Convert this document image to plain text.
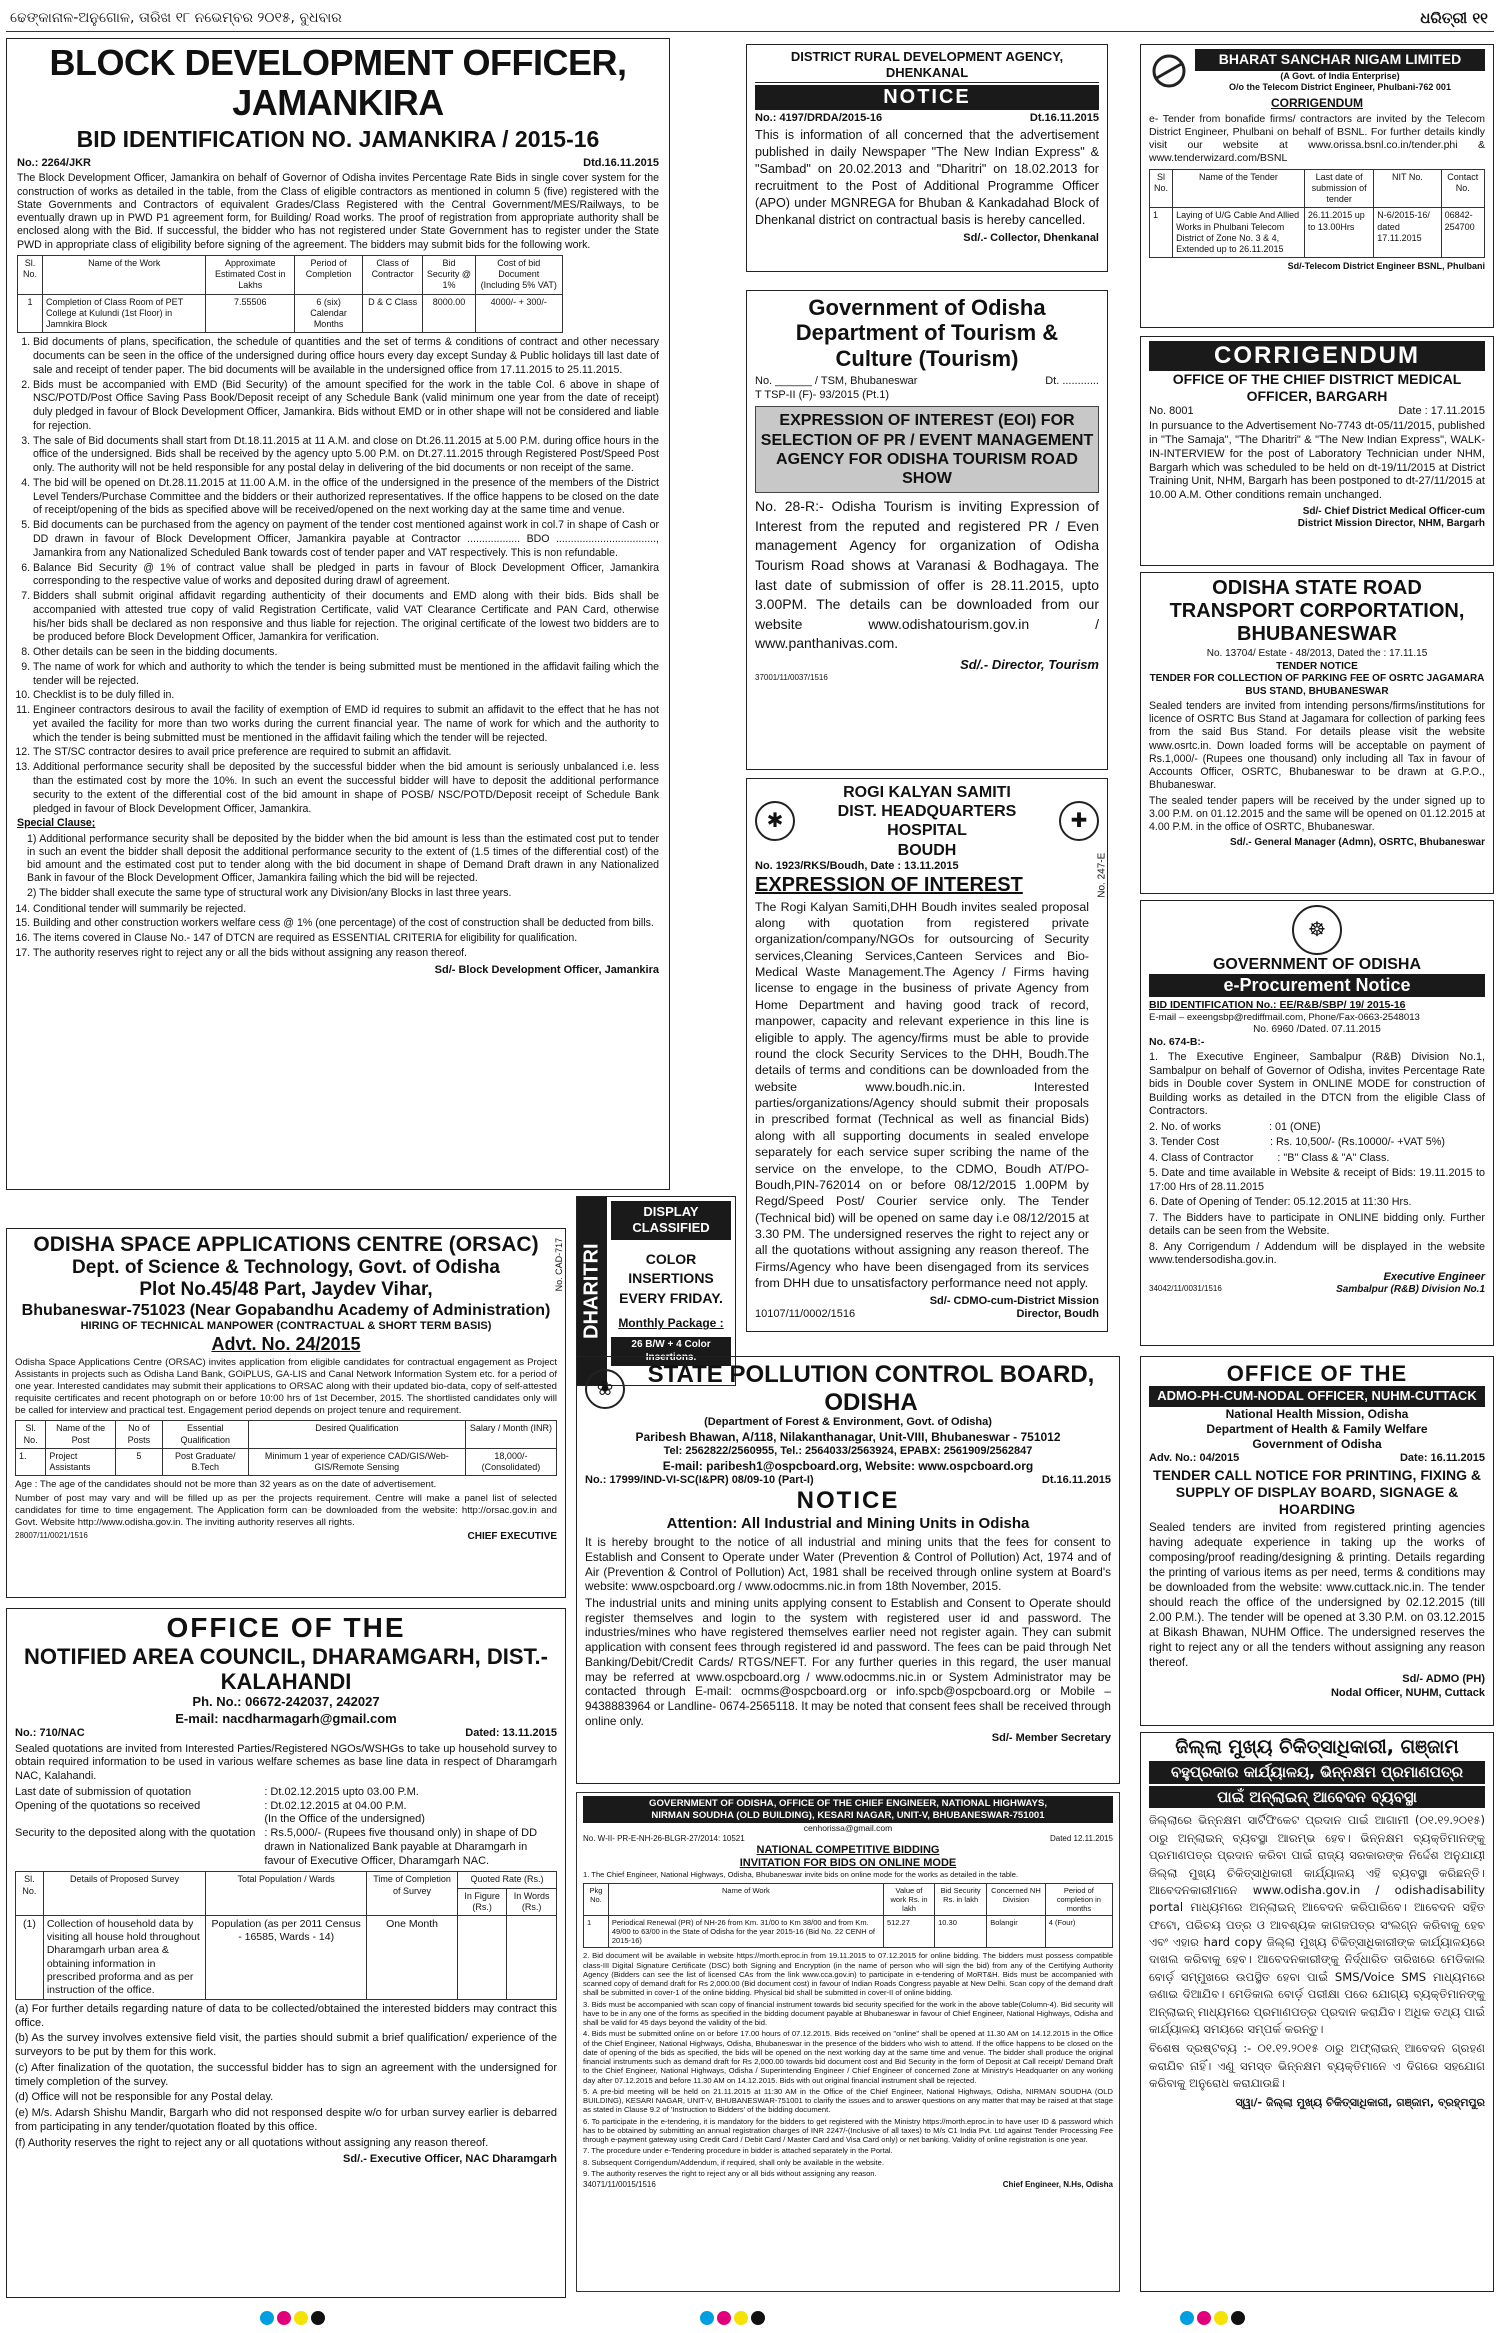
ଢେଙ୍କାନାଳ-ଅନୁଗୋଳ, ତାରିଖ ୧୮ ନଭେମ୍ବର ୨୦୧୫, ବୁଧବାର	ଧରିତ୍ରୀ ୧୧
BLOCK DEVELOPMENT OFFICER, JAMANKIRA
BID IDENTIFICATION NO. JAMANKIRA / 2015-16
No.: 2264/JKR	Dtd.16.11.2015

The Block Development Officer, Jamankira on behalf of Governor of Odisha invites Percentage Rate Bids in single cover system for the construction of works as detailed in the table, from the Class of eligible contractors as mentioned in column 5 (five) registered with the State Governments and Contractors of equivalent Grades/Class Registered with the Central Government/MES/Railways, to be eventually drawn up in PWD P1 agreement form, for Building/ Road works. The proof of registration from appropriate authority shall be enclosed along with the Bid. If successful, the bidder who has not registered under State Government has to register under the State PWD in appropriate class of eligibility before signing of the agreement. The bidders may submit bids for the following work.

Sl. No.	Name of the Work	Approximate Estimated Cost in Lakhs	Period of Completion	Class of Contractor	Bid Security @ 1%	Cost of bid Document (Including 5% VAT)
1	Completion of Class Room of PET College at Kulundi (1st Floor) in Jamnkira Block	7.55506	6 (six) Calendar Months	D & C Class	8000.00	4000/- + 300/-
1. Bid documents of plans, specification, the schedule of quantities and the set of terms & conditions of contract and other necessary documents can be seen in the office of the undersigned during office hours every day except Sunday & Public holidays till last date of sale and receipt of tender paper. The bid documents will be available in the undersigned office from 17.11.2015 to 25.11.2015.
2. Bids must be accompanied with EMD (Bid Security) of the amount specified for the work in the table Col. 6 above in shape of NSC/POTD/Post Office Saving Pass Book/Deposit receipt of any Schedule Bank (valid minimum one year from the date of receipt) duly pledged in favour of Block Development Officer, Jamankira. Bids without EMD or in other shape will not be considered and liable for rejection.
3. The sale of Bid documents shall start from Dt.18.11.2015 at 11 A.M. and close on Dt.26.11.2015 at 5.00 P.M. during office hours in the office of the undersigned. Bids shall be received by the agency upto 5.00 P.M. on Dt.27.11.2015 through Registered Post/Speed Post only. The authority will not be held responsible for any postal delay in delivering of the bid documents or non receipt of the same.
4. The bid will be opened on Dt.28.11.2015 at 11.00 A.M. in the office of the undersigned in the presence of the members of the District Level Tenders/Purchase Committee and the bidders or their authorized representatives. If the office happens to be closed on the date of receipt/opening of the bids as specified above will be received/opened on the next working day at the same time and venue.
5. Bid documents can be purchased from the agency on payment of the tender cost mentioned against work in col.7 in shape of Cash or DD drawn in favour of Block Development Officer, Jamankira payable at Contractor .................. BDO .................................., Jamankira from any Nationalized Scheduled Bank towards cost of tender paper and VAT respectively. This is non refundable.
6. Balance Bid Security @ 1% of contract value shall be pledged in parts in favour of Block Development Officer, Jamankira corresponding to the respective value of works and deposited during drawl of agreement.
7. Bidders shall submit original affidavit regarding authenticity of their documents and EMD along with their bids. Bids shall be accompanied with attested true copy of valid Registration Certificate, valid VAT Clearance Certificate and PAN Card, otherwise his/her bids shall be declared as non responsive and thus liable for rejection. The original certificate of the lowest two bidders are to be produced before Block Development Officer, Jamankira for verification.
8. Other details can be seen in the bidding documents.
9. The name of work for which and authority to which the tender is being submitted must be mentioned in the affidavit failing which the tender will be rejected.
10. Checklist is to be duly filled in.
11. Engineer contractors desirous to avail the facility of exemption of EMD id requires to submit an affidavit to the effect that he has not yet availed the facility for more than two works during the current financial year. The name of work for which and the authority to which the tender is being submitted must be mentioned in the affidavit failing which the tender will be rejected.
12. The ST/SC contractor desires to avail price preference are required to submit an affidavit.
13. Additional performance security shall be deposited by the successful bidder when the bid amount is seriously unbalanced i.e. less than the estimated cost by more the 10%. In such an event the successful bidder will have to deposit the additional performance security to the extent of the differential cost of the bid amount in shape of POSB/ NSC/POTD/Deposit receipt of Schedule Bank pledged in favour of Block Development Officer, Jamankira.
Special Clause;

1) Additional performance security shall be deposited by the bidder when the bid amount is less than the estimated cost put to tender in such an event the bidder shall deposit the additional performance security to the extent of (1.5 times of the differential cost) of the bid amount and the estimated cost put to tender along with the bid document in shape of Demand Draft drawn in any Nationalized Bank in favour of the Block Development Officer, Jamankira failing which the bid will be rejected.

2) The bidder shall execute the same type of structural work any Division/any Blocks in last three years.

14. Conditional tender will summarily be rejected.
15. Building and other construction workers welfare cess @ 1% (one percentage) of the cost of construction shall be deducted from bills.
16. The items covered in Clause No.- 147 of DTCN are required as ESSENTIAL CRITERIA for eligibility for qualification.
17. The authority reserves right to reject any or all the bids without assigning any reason thereof.
Sd/- Block Development Officer, Jamankira
DISTRICT RURAL DEVELOPMENT AGENCY, DHENKANAL
NOTICE
No.: 4197/DRDA/2015-16	Dt.16.11.2015

This is information of all concerned that the advertisement published in daily Newspaper "The New Indian Express" & "Sambad" on 20.02.2013 and "Dharitri" on 18.02.2013 for recruitment to the Post of Additional Programme Officer (APO) under MGNREGA for Bhuban & Kankadahad Block of Dhenkanal district on contractual basis is hereby cancelled.

Sd/.- Collector, Dhenkanal
BHARAT SANCHAR NIGAM LIMITED
(A Govt. of India Enterprise)
O/o the Telecom District Engineer, Phulbani-762 001
CORRIGENDUM

e- Tender from bonafide firms/ contractors are invited by the Telecom District Engineer, Phulbani on behalf of BSNL. For further details kindly visit our website at www.orissa.bsnl.co.in/tender.phi & www.tenderwizard.com/BSNL

Sl No.	Name of the Tender	Last date of submission of tender	NIT No.	Contact No.
1	Laying of U/G Cable And Allied Works in Phulbani Telecom District of Zone No. 3 & 4, Extended up to 26.11.2015	26.11.2015 up to 13.00Hrs	N-6/2015-16/ dated 17.11.2015	06842-254700
Sd/-Telecom District Engineer BSNL, Phulbani
Government of Odisha
Department of Tourism &
Culture (Tourism)
No. ______ / TSM, Bhubaneswar	Dt. ............
T TSP-II (F)- 93/2015 (Pt.1)
EXPRESSION OF INTEREST (EOI) FOR SELECTION OF PR / EVENT MANAGEMENT AGENCY FOR ODISHA TOURISM ROAD SHOW

No. 28-R:- Odisha Tourism is inviting Expression of Interest from the reputed and registered PR / Even management Agency for organization of Odisha Tourism Road shows at Varanasi & Bodhagaya. The last date of submission of offer is 28.11.2015, upto 3.00PM. The details can be downloaded from our website www.odishatourism.gov.in / www.panthanivas.com.

Sd/.- Director, Tourism
37001/11/0037/1516
CORRIGENDUM
OFFICE OF THE CHIEF DISTRICT MEDICAL OFFICER, BARGARH
No. 8001	Date : 17.11.2015

In pursuance to the Advertisement No-7743 dt-05/11/2015, published in "The Samaja", "The Dharitri" & "The New Indian Express", WALK-IN-INTERVIEW for the post of Laboratory Technician under NHM, Bargarh which was scheduled to be held on dt-19/11/2015 at District Training Unit, NHM, Bargarh has been postponed to dt-27/11/2015 at 10.00 A.M. Other conditions remain unchanged.

Sd/- Chief District Medical Officer-cum
District Mission Director, NHM, Bargarh
ODISHA STATE ROAD TRANSPORT CORPORTATION, BHUBANESWAR
No. 13704/ Estate - 48/2013, Dated the : 17.11.15
TENDER NOTICE
TENDER FOR COLLECTION OF PARKING FEE OF OSRTC JAGAMARA BUS STAND, BHUBANESWAR

Sealed tenders are invited from intending persons/firms/institutions for licence of OSRTC Bus Stand at Jagamara for collection of parking fees from the said Bus Stand. For details please visit the website www.osrtc.in. Down loaded forms will be acceptable on payment of Rs.1,000/- (Rupees one thousand) only including all Tax in favour of Accounts Officer, OSRTC, Bhubaneswar to be drawn at G.P.O., Bhubaneswar.

The sealed tender papers will be received by the under signed up to 3.00 P.M. on 01.12.2015 and the same will be opened on 01.12.2015 at 4.00 P.M. in the office of OSRTC, Bhubaneswar.

Sd/.- General Manager (Admn), OSRTC, Bhubaneswar
✱
ROGI KALYAN SAMITI
DIST. HEADQUARTERS HOSPITAL
BOUDH
✚
No. 1923/RKS/Boudh, Date : 13.11.2015
EXPRESSION OF INTEREST	No. 247-E

The Rogi Kalyan Samiti,DHH Boudh invites sealed proposal along with quotation from registered private organization/company/NGOs for outsourcing of Security services,Cleaning Services,Canteen Services and Bio-Medical Waste Management.The Agency / Firms having license to engage in the business of private Agency from Home Department and having good track of record, manpower, capacity and relevant experience in this line is eligible to apply. The agency/firms must be able to provide round the clock Security Services to the DHH, Boudh.The details of terms and conditions can be downloaded from the website www.boudh.nic.in. Interested parties/organizations/Agency should submit their proposals in prescribed format (Technical as well as financial Bids) along with all supporting documents in sealed envelope separately for each service super scribing the name of the service on the envelope, to the CDMO, Boudh AT/PO-Boudh,PIN-762014 on or before 08/12/2015 1.00PM by Regd/Speed Post/ Courier service only. The Tender (Technical bid) will be opened on same day i.e 08/12/2015 at 3.30 PM. The undersigned reserves the right to reject any or all the quotations without assigning any reason thereof. The Firms/Agency who have been disengaged from its services from DHH due to unsatisfactory performance need not apply.

Sd/- CDMO-cum-District Mission
10107/11/0002/1516	Director, Boudh
☸
GOVERNMENT OF ODISHA
e-Procurement Notice
BID IDENTIFICATION No.: EE/R&B/SBP/ 19/ 2015-16
E-mail – exeengsbp@rediffmail.com, Phone/Fax-0663-2548013
No. 6960 /Dated. 07.11.2015
No. 674-B:-

1. The Executive Engineer, Sambalpur (R&B) Division No.1, Sambalpur on behalf of Governor of Odisha, invites Percentage Rate bids in Double cover System in ONLINE MODE for construction of Building works as detailed in the DTCN from the eligible Class of Contractors.

2. No. of works                : 01 (ONE)

3. Tender Cost                 : Rs. 10,500/- (Rs.10000/- +VAT 5%)

4. Class of Contractor        : "B" Class & "A" Class.

5. Date and time available in Website & receipt of Bids: 19.11.2015 to 17:00 Hrs of 28.11.2015

6. Date of Opening of Tender: 05.12.2015 at 11:30 Hrs.

7. The Bidders have to participate in ONLINE bidding only. Further details can be seen from the Website.

8. Any Corrigendum / Addendum will be displayed in the website www.tendersodisha.gov.in.

Executive Engineer
34042/11/0031/1516	Sambalpur (R&B) Division No.1
ODISHA SPACE APPLICATIONS CENTRE (ORSAC)
Dept. of Science & Technology, Govt. of Odisha
Plot No.45/48 Part, Jaydev Vihar,
Bhubaneswar-751023 (Near Gopabandhu Academy of Administration)
HIRING OF TECHNICAL MANPOWER (CONTRACTUAL & SHORT TERM BASIS)
Advt. No. 24/2015
No. CAD-717

Odisha Space Applications Centre (ORSAC) invites application from eligible candidates for contractual engagement as Project Assistants in projects such as Odisha Land Bank, GOiPLUS, GA-LIS and Canal Network Information System etc. for a period of one year. Interested candidates may submit their applications to ORSAC along with their updated bio-data, copy of self-attested requisite certificates and recent photograph on or before 10:00 hrs of 1st December, 2015. The shortlisted candidates only will be called for interview and practical test. Engagement period depends on project tenure and requirement.

Sl. No.	Name of the Post	No of Posts	Essential Qualification	Desired Qualification	Salary / Month (INR)
1.	Project Assistants	5	Post Graduate/ B.Tech	Minimum 1 year of experience CAD/GIS/Web-GIS/Remote Sensing	18,000/- (Consolidated)

Age : The age of the candidates should not be more than 32 years as on the date of advertisement.

Number of post may vary and will be filled up as per the projects requirement. Centre will make a panel list of selected candidates for time to time engagement. The Application form can be downloaded from the website: http://orsac.gov.in and Govt. Website http://www.odisha.gov.in. The inviting authority reserves all rights.

28007/11/0021/1516	CHIEF EXECUTIVE
DHARITRI
DISPLAY CLASSIFIED
COLOR INSERTIONS EVERY FRIDAY.
Monthly Package :
26 B/W + 4 Color Insertions.
❀
STATE POLLUTION CONTROL BOARD, ODISHA
(Department of Forest & Environment, Govt. of Odisha)
Paribesh Bhawan, A/118, Nilakanthanagar, Unit-VIII, Bhubaneswar - 751012
Tel: 2562822/2560955, Tel.: 2564033/2563924, EPABX: 2561909/2562847
E-mail: paribesh1@ospcboard.org, Website: www.ospcboard.org
No.: 17999/IND-VI-SC(I&PR) 08/09-10 (Part-I)	Dt.16.11.2015
NOTICE
Attention: All Industrial and Mining Units in Odisha

It is hereby brought to the notice of all industrial and mining units that the fees for consent to Establish and Consent to Operate under Water (Prevention & Control of Pollution) Act, 1974 and of Air (Prevention & Control of Pollution) Act, 1981 shall be received through online system at Board's website: www.ospcboard.org / www.odocmms.nic.in from 18th November, 2015.

The industrial units and mining units applying consent to Establish and Consent to Operate should register themselves and login to the system with registered user id and password. The industries/mines who have registered themselves earlier need not register again. They can submit application with consent fees through registered id and password. The fees can be paid through Net Banking/Debit/Credit Cards/ RTGS/NEFT. For any further queries in this regard, the user manual may be referred at www.ospcboard.org / www.odocmms.nic.in or System Administrator may be contacted through E-mail: ocmms@ospcboard.org or info.spcb@ospcboard.org or Mobile – 9438883964 or Landline- 0674-2565118. It may be noted that consent fees shall be received through online only.

Sd/- Member Secretary
OFFICE OF THE
NOTIFIED AREA COUNCIL, DHARAMGARH, DIST.- KALAHANDI
Ph. No.: 06672-242037, 242027
E-mail: nacdharmagarh@gmail.com
No.: 710/NAC	Dated: 13.11.2015

Sealed quotations are invited from Interested Parties/Registered NGOs/WSHGs to take up household survey to obtain required information to be used in various welfare schemes as base line data in respect of Dharamgarh NAC, Kalahandi.

Last date of submission of quotation	: Dt.02.12.2015 upto 03.00 P.M.
Opening of the quotations so received	: Dt.02.12.2015 at 04.00 P.M.
(In the Office of the undersigned)
Security to the deposited along with the quotation : Rs.5,000/- (Rupees five thousand only) in shape of DD drawn in Nationalized Bank payable at Dharamgarh in favour of Executive Officer, Dharamgarh NAC.
Sl. No.	Details of Proposed Survey	Total Population / Wards	Time of Completion of Survey	Quoted Rate (Rs.)	
				In Figure (Rs.)	In Words (Rs.)
(1)	Collection of household data by visiting all house hold throughout Dharamgarh urban area & obtaining information in prescribed proforma and as per instruction of the office.	Population (as per 2011 Census - 16585, Wards - 14)	One Month		

(a) For further details regarding nature of data to be collected/obtained the interested bidders may contract this office.

(b) As the survey involves extensive field visit, the parties should submit a brief qualification/ experience of the surveyors to be put by them for this work.

(c) After finalization of the quotation, the successful bidder has to sign an agreement with the undersigned for timely completion of the survey.

(d) Office will not be responsible for any Postal delay.

(e) M/s. Adarsh Shishu Mandir, Bargarh who did not responsed despite w/o for urban survey earlier is debarred from participating in any tender/quotation floated by this office.

(f) Authority reserves the right to reject any or all quotations without assigning any reason thereof.

Sd/.- Executive Officer, NAC Dharamgarh
GOVERNMENT OF ODISHA, OFFICE OF THE CHIEF ENGINEER, NATIONAL HIGHWAYS,
NIRMAN SOUDHA (OLD BUILDING), KESARI NAGAR, UNIT-V, BHUBANESWAR-751001
cenhorissa@gmail.com
No. W-II- PR-E-NH-26-BLGR-27/2014: 10521	Dated 12.11.2015
NATIONAL COMPETITIVE BIDDING
INVITATION FOR BIDS ON ONLINE MODE
1. The Chief Engineer, National Highways, Odisha, Bhubaneswar invite bids on online mode for the works as detailed in the table.
Pkg No.	Name of Work	Value of work Rs. in lakh	Bid Security Rs. in lakh	Concerned NH Division	Period of completion in months
1	Periodical Renewal (PR) of NH-26 from Km. 31/00 to Km 38/00 and from Km. 49/00 to 63/00 in the State of Odisha for the year 2015-16 (Bid No. 22 CENH of 2015-16)	512.27	10.30	Bolangir	4 (Four)

2. Bid document will be available in website https://morth.eproc.in from 19.11.2015 to 07.12.2015 for online bidding. The bidders must possess compatible class-III Digital Signature Certificate (DSC) both Signing and Encryption (in the name of person who will sign the bid) from any of the Certifying Authority Agency (Bidders can see the list of licensed CAs from the link www.cca.gov.in) to participate in e-tendering of MoRT&H. Bids must be accompanied with scanned copy of demand draft for Rs 2,000.00 (Bid document cost) in favour of Indian Roads Congress payable at New Delhi. Scan copy of the demand draft shall be submitted in cover-1 of the online bidding. Physical bid shall be submitted in cover-II of online bidding.

3. Bids must be accompanied with scan copy of financial instrument towards bid security specified for the work in the above table(Column-4). Bid security will have to be in any one of the forms as specified in the bidding document payable at Bhubaneswar in favour of Chief Engineer, National Highways, Odisha and shall be valid for 45 days beyond the validity of the bid.

4. Bids must be submitted online on or before 17.00 hours of 07.12.2015. Bids received on "online" shall be opened at 11.30 AM on 14.12.2015 in the Office of the Chief Engineer, National Highways, Odisha, Bhubaneswar in the presence of the bidders who wish to attend. If the office happens to be closed on the date of opening of the bids as specified, the bids will be opened on the next working day at the same time and venue. The bidder shall produce the original financial instruments such as demand draft for Rs 2,000.00 towards bid document cost and Bid Security in the form of Deposit at Call receipt/ Demand Draft to the Chief Engineer, National Highways, Odisha / Superintending Engineer / Chief Engineer of concerned Zone at Ministry's Headquarter on any working day after 07.12.2015 and before 11.30 AM on 14.12.2015. Bids with out original financial instrument shall be rejected.

5. A pre-bid meeting will be held on 21.11.2015 at 11:30 AM in the Office of the Chief Engineer, National Highways, Odisha, NIRMAN SOUDHA (OLD BUILDING), KESARI NAGAR, UNIT-V, BHUBANESWAR-751001 to clarify the issues and to answer questions on any matter that may be raised at that stage as stated in Clause 9.2 of 'Instruction to Bidders' of the bidding document.

6. To participate in the e-tendering, it is mandatory for the bidders to get registered with the Ministry https://morth.eproc.in to have user ID & password which has to be obtained by submitting an annual registration charges of INR 2247/-(Inclusive of all taxes) to M/s C1 India Pvt. Ltd against Tender Processing Fee through e-payment gateway using Credit Card / Debit Card / Master Card and Visa Card only) or net banking. Validity of online registration is one year.

7. The procedure under e-Tendering procedure in bidder is attached separately in the Portal.

8. Subsequent Corrigendum/Addendum, if required, shall only be available in the website.

9. The authority reserves the right to reject any or all bids without assigning any reason.

34071/11/0015/1516	Chief Engineer, N.Hs, Odisha
OFFICE OF THE
ADMO-PH-CUM-NODAL OFFICER, NUHM-CUTTACK
National Health Mission, Odisha
Department of Health & Family Welfare
Government of Odisha
Adv. No.: 04/2015	Date: 16.11.2015
TENDER CALL NOTICE FOR PRINTING, FIXING & SUPPLY OF DISPLAY BOARD, SIGNAGE & HOARDING

Sealed tenders are invited from registered printing agencies having adequate experience in taking up the works of composing/proof reading/designing & printing. Details regarding the printing of various items as per need, terms & conditions may be downloaded from the website: www.cuttack.nic.in. The tender should reach the office of the undersigned by 02.12.2015 (till 2.00 P.M.). The tender will be opened at 3.30 P.M. on 03.12.2015 at Bikash Bhawan, NUHM Office. The undersigned reserves the right to reject any or all the tenders without assigning any reason thereof.

Sd/- ADMO (PH)
Nodal Officer, NUHM, Cuttack
ଜିଲ୍ଲା ମୁଖ୍ୟ ଚିକିତ୍ସାଧିକାରୀ, ଗଞ୍ଜାମ
ବହୁପ୍ରକାର କାର୍ଯ୍ୟାଳୟ, ଭିନ୍ନକ୍ଷମ ପ୍ରମାଣପତ୍ର
ପାଇଁ ଅନ୍‌ଲାଇନ୍ ଆବେଦନ ବ୍ୟବସ୍ଥା

ଜିଲ୍ଲାରେ ଭିନ୍ନକ୍ଷମ ସାର୍ଟିଫିକେଟ ପ୍ରଦାନ ପାଇଁ ଆଗାମୀ (୦୧.୧୨.୨୦୧୫) ଠାରୁ ଅନ୍‌ଲାଇନ୍ ବ୍ୟବସ୍ଥା ଆରମ୍ଭ ହେବ। ଭିନ୍ନକ୍ଷମ ବ୍ୟକ୍ତିମାନଙ୍କୁ ପ୍ରମାଣପତ୍ର ପ୍ରଦାନ କରିବା ପାଇଁ ରାଜ୍ୟ ସରକାରଙ୍କ ନିର୍ଦ୍ଦେଶ ଅନୁଯାୟୀ ଜିଲ୍ଲା ମୁଖ୍ୟ ଚିକିତ୍ସାଧିକାରୀ କାର୍ଯ୍ୟାଳୟ ଏହି ବ୍ୟବସ୍ଥା କରିଛନ୍ତି। ଆବେଦନକାରୀମାନେ www.odisha.gov.in / odishadisability portal ମାଧ୍ୟମରେ ଅନ୍‌ଲାଇନ୍ ଆବେଦନ କରିପାରିବେ। ଆବେଦନ ସହିତ ଫଟୋ, ପରିଚୟ ପତ୍ର ଓ ଆବଶ୍ୟକ କାଗଜପତ୍ର ସଂଲଗ୍ନ କରିବାକୁ ହେବ ଏବଂ ଏହାର hard copy ଜିଲ୍ଲା ମୁଖ୍ୟ ଚିକିତ୍ସାଧିକାରୀଙ୍କ କାର୍ଯ୍ୟାଳୟରେ ଦାଖଲ କରିବାକୁ ହେବ। ଆବେଦନକାରୀଙ୍କୁ ନିର୍ଦ୍ଧାରିତ ତାରିଖରେ ମେଡିକାଲ ବୋର୍ଡ଼ ସମ୍ମୁଖରେ ଉପସ୍ଥିତ ହେବା ପାଇଁ SMS/Voice SMS ମାଧ୍ୟମରେ ଜଣାଇ ଦିଆଯିବ। ମେଡିକାଲ ବୋର୍ଡ଼ ପରୀକ୍ଷା ପରେ ଯୋଗ୍ୟ ବ୍ୟକ୍ତିମାନଙ୍କୁ ଅନ୍‌ଲାଇନ୍ ମାଧ୍ୟମରେ ପ୍ରମାଣପତ୍ର ପ୍ରଦାନ କରାଯିବ। ଅଧିକ ତଥ୍ୟ ପାଇଁ କାର୍ଯ୍ୟାଳୟ ସମୟରେ ସମ୍ପର୍କ କରନ୍ତୁ।

ବିଶେଷ ଦ୍ରଷ୍ଟବ୍ୟ :- ୦୧.୧୨.୨୦୧୫ ଠାରୁ ଅଫ୍‌ଲାଇନ୍ ଆବେଦନ ଗ୍ରହଣ କରାଯିବ ନାହିଁ। ଏଣୁ ସମସ୍ତ ଭିନ୍ନକ୍ଷମ ବ୍ୟକ୍ତିମାନେ ଏ ଦିଗରେ ସହଯୋଗ କରିବାକୁ ଅନୁରୋଧ କରାଯାଉଛି।

ସ୍ୱା/- ଜିଲ୍ଲା ମୁଖ୍ୟ ଚିକିତ୍ସାଧିକାରୀ, ଗଞ୍ଜାମ, ବ୍ରହ୍ମପୁର
